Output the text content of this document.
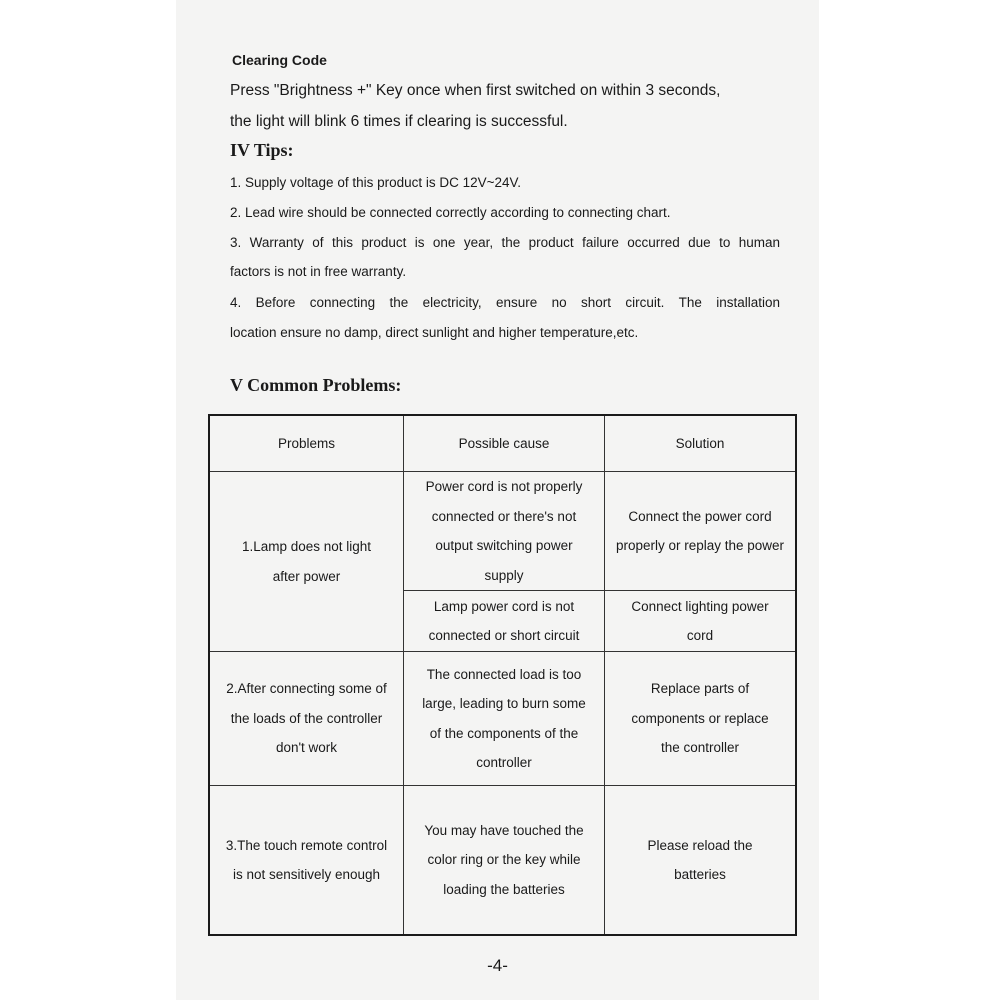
Clearing Code
Press "Brightness +" Key once when first switched on within 3 seconds,
the light will blink 6 times if clearing is successful.
IV Tips:
1. Supply voltage of this product is DC 12V~24V.
2. Lead wire should be connected correctly according to connecting chart.
3. Warranty of this product is one year, the product failure occurred due to human
factors is not in free warranty.
4. Before connecting the electricity, ensure no short circuit. The installation
location ensure no damp, direct sunlight and higher temperature,etc.
V Common Problems:
Problems	Possible cause	Solution
1.Lamp does not light after power
Power cord is not properly connected or there's not output switching power supply
Connect the power cord properly or replay the power
Lamp power cord is not connected or short circuit
Connect lighting power cord
2.After connecting some of the loads of the controller don't work
The connected load is too large, leading to burn some of the components of the controller
Replace parts of components or replace the controller
3.The touch remote control is not sensitively enough
You may have touched the color ring or the key while loading the batteries
Please reload the batteries
-4-
